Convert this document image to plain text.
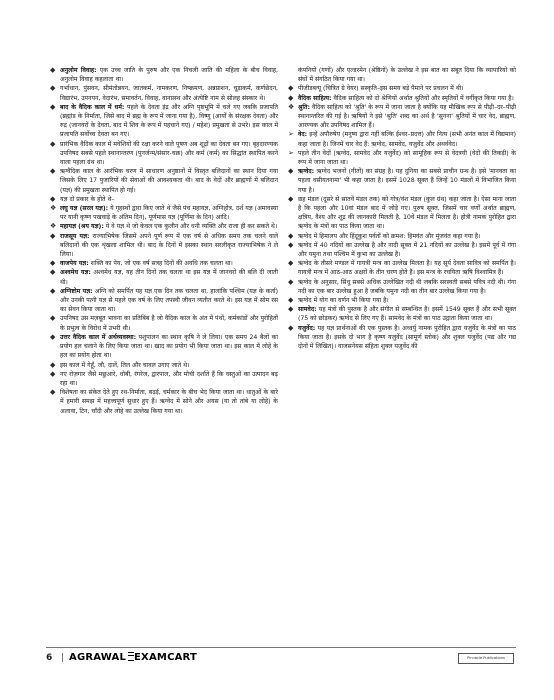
◆ अनुलोम विवाह: एक उच्च जाति के पुरुष और एक निचली जाति की महिला के बीच विवाह, अनुलोम विवाह कहलाता था।

◆ गर्भाधान, पुंसवन, सीमंतोन्नयन, जातकर्म, नामकरण, निष्क्रमण, अन्नप्राशन, चूड़ाकर्म, कर्णछेदन, विद्यारंभ, उपनयन, वेदारंभ, समावर्तन, विवाह, वानप्रस्थ और अंत्येष्टि नाम से सोलह संस्कार थे।

◆ बाद के वैदिक काल में धर्म: पहले के देवता इंद्र और अग्नि पृष्ठभूमि में चले गए जबकि प्रजापति (ब्रह्मांड के निर्माता, जिसे बाद में ब्रह्म के रूप में जाना गया है), विष्णु (आर्यों के संरक्षक देवता) और रुद्र (जानवरों के देवता, बाद में शिव के रूप में पहचाने गए) / महेश) प्रमुखता से उभरे। इस काल में प्रजापति सर्वोच्च देवता बन गए।

◆ प्रारंभिक वैदिक काल में मवेशियों की रक्षा करने वाले पूषण अब शूद्रों का देवता बन गए। बृहदारण्यक उपनिषद सबसे पहले स्थानान्तरण (पुनर्जन्म/संसार-चक्र) और कर्म (कर्म) का सिद्धांत स्थापित करने वाला पहला ग्रंथ था।

◆ ऋग्वैदिक काल के आरंभिक चरण में साधारण अनुष्ठानों में विस्तृत बलिदानों का स्थान दिया गया जिसके लिए 17 पुजारियों की सेवाओं की आवश्यकता थी। बाद के वेदों और ब्राह्मणों में बलिदान (यज्ञ) की प्रमुखता स्थापित हो गई।

◆ यज्ञ दो प्रकार के होते थे–

❖ लघु यज्ञ (सरल यज्ञ): ये गृहस्थों द्वारा किए जाते थे जैसे पंच महायज्ञ, अग्निहोत्र, दर्श यज्ञ (अमावस्या पर यानी कृष्ण पखवाड़े के अंतिम दिन), पूर्णमास यज्ञ (पूर्णिमा के दिन) आदि।

❖ महायज्ञ (श्रय यज्ञ): ये वे यज्ञ थे जो केवल एक कुलीन और धनी व्यक्ति और राजा ही कर सकते थे।

◆ राजसूय यज्ञ: राज्याभिषेक जिसमें अपने पूर्ण रूप में एक वर्ष से अधिक समय तक चलने वाले बलिदानों की एक शृंखला शामिल थी। बाद के दिनों में इसका स्थान सरलीकृत राज्याभिषेक ने ले लिया।

◆ वाजपेय यज्ञ: शक्ति का पेय, जो एक वर्ष सत्रह दिनों की अवधि तक चलता था।

◆ अश्वमेध यज्ञ: अश्वमेध यज्ञ, यह तीन दिनों तक चलता था इस यज्ञ में जानवरों की बलि दी जाती थी।

◆ अग्निष्टोम यज्ञ: अग्नि को समर्पित यह यज्ञ एक दिन तक चलता था, हालांकि पश्चिम (यज्ञ के कर्ता) और उनकी पत्नी यज्ञ से पहले एक वर्ष के लिए तपस्वी जीवन व्यतीत करते थे। इस यज्ञ में सोम रस का सेवन किया जाता था।

◆ उपनिषद उस मज़बूत भावना का प्रतिबिंब है जो वैदिक काल के अंत में पंथों, कर्मकांडों और पुरोहितों के प्रभुत्व के विरोध में उभरी थी।

◆ उत्तर वैदिक काल में अर्थव्यवस्था: पशुपालन का स्थान कृषि ने ले लिया। एक समय 24 बैलों का प्रयोग हल चलाने के लिए किया जाता था। खाद का प्रयोग भी किया जाता था। इस काल में लोहे के हल का प्रयोग होता था।

◆ इस काल में गेहूँ, जौ, दालें, तिल और चावल उगाए जाते थे।

◆ नए रोज़गार जैसे मछुआरे, धोबी, रंगरेज, द्वारपाल, और मोची दर्शाते हैं कि वस्तुओं का उत्पादन बढ़ रहा था।

◆ विशेषता का संकेत देते हुए रथ-निर्माता, बढ़ई, चर्मकार के बीच भेद किया जाता था। धातुओं के बारे में हमारी समझ में महत्त्वपूर्ण सुधार हुए हैं। ऋग्वेद में सोने और अयस (या तो तांबे या लोहे) के अलावा, टिन, चाँदी और लोहे का उल्लेख किया गया था।

कंपनियों (गणों) और एल्डरमेन (श्रेष्ठिनों) के उल्लेख ने इस बात का सबूत दिया कि व्यापारियों को संघों में संगठित किया गया था।

◆ पीजीडब्ल्यू (चित्रित ग्रे वेयर) सस्कृति–इस समय बड़े पैमाने पर प्रचलन में थी।

◆ वैदिक साहित्य: वैदिक साहित्य को दो श्रेणियों अर्थात श्रुतियों और स्मृतियों में वर्गीकृत किया गया है।

❖ श्रुति: वैदिक साहित्य को 'श्रुति' के रूप में जाना जाता है क्योंकि यह मौखिक रूप से पीढ़ी–दर–पीढ़ी स्थानान्तरित की गई है। ऋषियों ने इसे 'श्रुति' शब्द का अर्थ है 'सुनना' श्रुतियों में चार वेद, ब्राह्मण, आरण्यक और उपनिषद शामिल हैं।

➢ वेद: इन्हें अपौरुषेय (मनुष्य द्वारा नहीं बल्कि ईश्वर–प्रदत्त) और नित्य (सभी अनंत काल में विद्यमान) कहा जाता है। जिनमें चार वेद हैं: ऋग्वेद, सामवेद, यजुर्वेद और अथर्ववेद।

➢ पहले तीन वेदों (ऋग्वेद, सामवेद और यजुर्वेद) को सामूहिक रूप से वेदत्रयी (वेदों की तिकड़ी) के रूप में जाना जाता था।

◆ ऋग्वेद: ऋग्वेद भजनों (गीतों) का संग्रह है। यह दुनिया का सबसे प्राचीन ग्रन्थ है। इसे 'मानवता का पहला वसीयतनामा' भी कहा जाता है। इसमें 1028 सूक्त हैं जिन्हें 10 मंडलों में विभाजित किया गया है।

◆ छह मंडल (दूसरे से सातवें मंडल तक) को गोत्र/वंश मंडल (कुल ग्रंथ) कहा जाता है। ऐसा माना जाता है कि पहला और 10वां मंडल बाद में जोड़े गए। पुरुष सूक्त, जिसमें चार वर्णों अर्थात ब्राह्मण, क्षत्रिय, वैश्य और शूद्र की जानकारी मिलती है, 10वें मंडल में मिलता है। होत्री नामक पुरोहित द्वारा ऋग्वेद के मंत्रों का पाठ किया जाता था।

◆ ऋग्वेद में हिमालय और हिंदूकुश पर्वतों को क्रमश: हिमवंत और मुंजवंत कहा गया है।

◆ ऋग्वेद में 40 नदियों का उल्लेख है और नादी सूक्त में 21 नदियों का उल्लेख है। इसमें पूर्व में गंगा और यमुना तथा पश्चिम में कुभा का उल्लेख है।

◆ ऋग्वेद के तीसरे मण्डल में गायत्री मन्त्र का उल्लेख मिलता है। यह सूर्य देवता सावित्र को समर्पित है। गायत्री मन्त्र में आठ-आठ अक्षरों के तीन चरण होते हैं। इस मन्त्र के रचयिता ऋषि विश्वामित्र हैं।

◆ ऋग्वेद के अनुसार, सिंधु सबसे अधिक उल्लेखित नदी थी जबकि सरस्वती सबसे पवित्र नदी थी। गंगा नदी का एक बार उल्लेख हुआ है जबकि यमुना नदी का तीन बार उल्लेख किया गया है।

◆ ऋग्वेद में योग का वर्णन भी किया गया है।

◆ सामवेद: यह मंत्रों की पुस्तक है और संगीत से सम्बन्धित है। इसमें 1549 सूक्त हैं और सभी सूक्त (75 को छोड़कर) ऋग्वेद से लिए गए हैं। सामवेद के मंत्रों का पाठ उद्गाता किया जाता था।

◆ यजुर्वेद: यह यज्ञ प्रार्थनाओं की एक पुस्तक है। अध्वर्यु नामक पुरोहित द्वारा यजुर्वेद के मंत्रों का पाठ किया जाता है। इसके दो भाग है कृष्ण यजुर्वेद (सामूर्ण स्तोक) और शुक्ल यजुर्वेद (पद्य और गद्य दोनों में लिखित)। वाजसनेयस संहिता शुक्ल यजुर्वेद की

6 | AGRAWAL EXAMCART	Pinnacle Publications
